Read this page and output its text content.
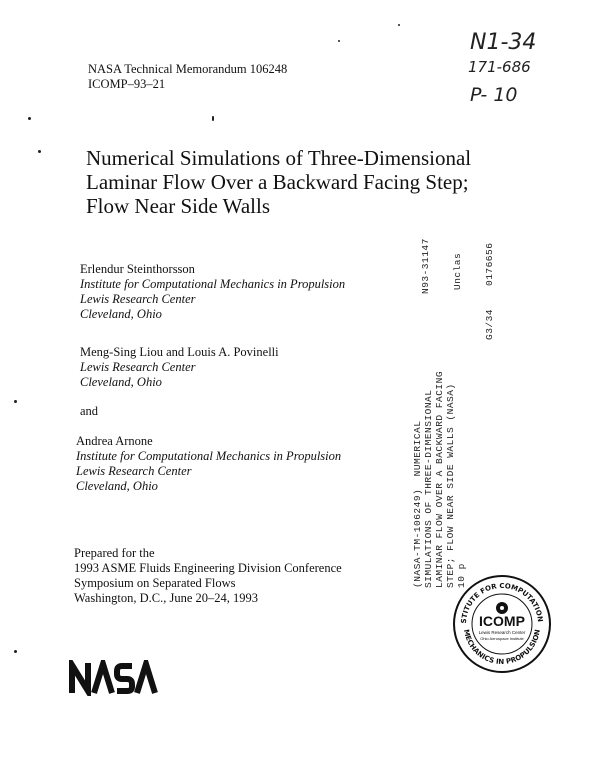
NASA Technical Memorandum 106248
ICOMP–93–21
N1-34
171-686
P- 10
Numerical Simulations of Three-Dimensional
Laminar Flow Over a Backward Facing Step;
Flow Near Side Walls
Erlendur Steinthorsson
Institute for Computational Mechanics in Propulsion
Lewis Research Center
Cleveland, Ohio
Meng-Sing Liou and Louis A. Povinelli
Lewis Research Center
Cleveland, Ohio
and
Andrea Arnone
Institute for Computational Mechanics in Propulsion
Lewis Research Center
Cleveland, Ohio
Prepared for the
1993 ASME Fluids Engineering Division Conference
Symposium on Separated Flows
Washington, D.C., June 20–24, 1993
N93-31147 Unclas 0176656
G3/34
(NASA-TM-106249)  NUMERICAL SIMULATIONS OF THREE-DIMENSIONAL LAMINAR FLOW OVER A BACKWARD FACING STEP; FLOW NEAR SIDE WALLS (NASA) 10 p
STITUTE FOR COMPUTATION
MECHANICS IN PROPULSION
ICOMP
Lewis Research Center
Ohio Aerospace Institute
